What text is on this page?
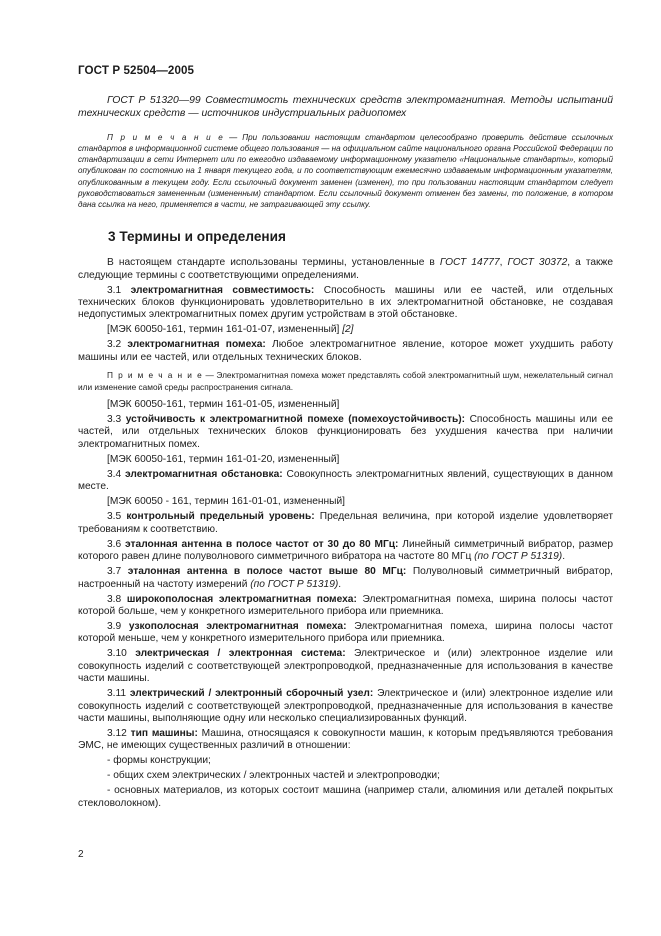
ГОСТ Р 52504—2005

ГОСТ Р 51320—99 Совместимость технических средств электромагнитная. Методы испытаний технических средств — источников индустриальных радиопомех

П р и м е ч а н и е — При пользовании настоящим стандартом целесообразно проверить действие ссылочных стандартов в информационной системе общего пользования — на официальном сайте национального органа Российской Федерации по стандартизации в сети Интернет или по ежегодно издаваемому информационному указателю «Национальные стандарты», который опубликован по состоянию на 1 января текущего года, и по соответствующим ежемесячно издаваемым информационным указателям, опубликованным в текущем году. Если ссылочный документ заменен (изменен), то при пользовании настоящим стандартом следует руководствоваться замененным (измененным) стандартом. Если ссылочный документ отменен без замены, то положение, в котором дана ссылка на него, применяется в части, не затрагивающей эту ссылку.

3 Термины и определения

В настоящем стандарте использованы термины, установленные в ГОСТ 14777, ГОСТ 30372, а также следующие термины с соответствующими определениями.

3.1 электромагнитная совместимость: Способность машины или ее частей, или отдельных технических блоков функционировать удовлетворительно в их электромагнитной обстановке, не создавая недопустимых электромагнитных помех другим устройствам в этой обстановке.

[МЭК 60050-161, термин 161-01-07, измененный] [2]

3.2 электромагнитная помеха: Любое электромагнитное явление, которое может ухудшить работу машины или ее частей, или отдельных технических блоков.

П р и м е ч а н и е — Электромагнитная помеха может представлять собой электромагнитный шум, нежелательный сигнал или изменение самой среды распространения сигнала.

[МЭК 60050-161, термин 161-01-05, измененный]

3.3 устойчивость к электромагнитной помехе (помехоустойчивость): Способность машины или ее частей, или отдельных технических блоков функционировать без ухудшения качества при наличии электромагнитных помех.

[МЭК 60050-161, термин 161-01-20, измененный]

3.4 электромагнитная обстановка: Совокупность электромагнитных явлений, существующих в данном месте.

[МЭК 60050 - 161, термин 161-01-01, измененный]

3.5 контрольный предельный уровень: Предельная величина, при которой изделие удовлетворяет требованиям к соответствию.

3.6 эталонная антенна в полосе частот от 30 до 80 МГц: Линейный симметричный вибратор, размер которого равен длине полуволнового симметричного вибратора на частоте 80 МГц (по ГОСТ Р 51319).

3.7 эталонная антенна в полосе частот выше 80 МГц: Полуволновый симметричный вибратор, настроенный на частоту измерений (по ГОСТ Р 51319).

3.8 широкополосная электромагнитная помеха: Электромагнитная помеха, ширина полосы частот которой больше, чем у конкретного измерительного прибора или приемника.

3.9 узкополосная электромагнитная помеха: Электромагнитная помеха, ширина полосы частот которой меньше, чем у конкретного измерительного прибора или приемника.

3.10 электрическая / электронная система: Электрическое и (или) электронное изделие или совокупность изделий с соответствующей электропроводкой, предназначенные для использования в качестве части машины.

3.11 электрический / электронный сборочный узел: Электрическое и (или) электронное изделие или совокупность изделий с соответствующей электропроводкой, предназначенные для использования в качестве части машины, выполняющие одну или несколько специализированных функций.

3.12 тип машины: Машина, относящаяся к совокупности машин, к которым предъявляются требования ЭМС, не имеющих существенных различий в отношении:

- формы конструкции;

- общих схем электрических / электронных частей и электропроводки;

- основных материалов, из которых состоит машина (например стали, алюминия или деталей покрытых стекловолокном).

2
